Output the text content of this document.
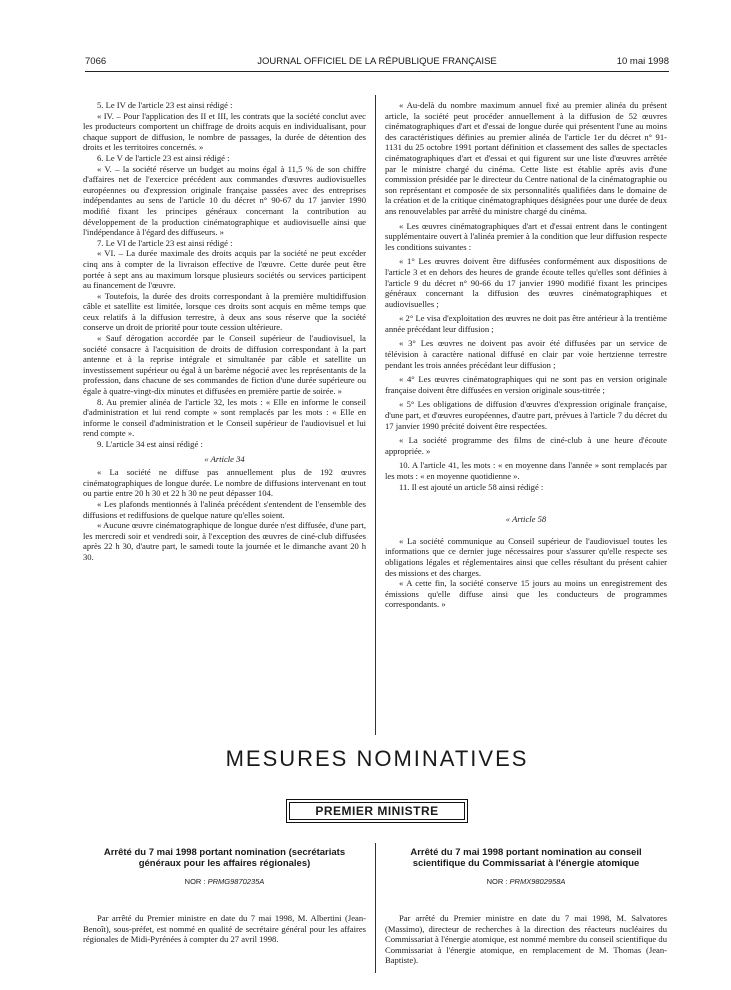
7066	JOURNAL OFFICIEL DE LA RÉPUBLIQUE FRANÇAISE	10 mai 1998

5. Le IV de l'article 23 est ainsi rédigé :

« IV. – Pour l'application des II et III, les contrats que la société conclut avec les producteurs comportent un chiffrage de droits acquis en individualisant, pour chaque support de diffusion, le nombre de passages, la durée de détention des droits et les territoires concernés. »

6. Le V de l'article 23 est ainsi rédigé :

« V. – la société réserve un budget au moins égal à 11,5 % de son chiffre d'affaires net de l'exercice précédent aux commandes d'œuvres audiovisuelles européennes ou d'expression originale française passées avec des entreprises indépendantes au sens de l'article 10 du décret n° 90-67 du 17 janvier 1990 modifié fixant les principes généraux concernant la contribution au développement de la production cinématographique et audiovisuelle ainsi que l'indépendance à l'égard des diffuseurs. »

7. Le VI de l'article 23 est ainsi rédigé :

« VI. – La durée maximale des droits acquis par la société ne peut excéder cinq ans à compter de la livraison effective de l'œuvre. Cette durée peut être portée à sept ans au maximum lorsque plusieurs sociétés ou services participent au financement de l'œuvre.

« Toutefois, la durée des droits correspondant à la première multidiffusion câble et satellite est limitée, lorsque ces droits sont acquis en même temps que ceux relatifs à la diffusion terrestre, à deux ans sous réserve que la société conserve un droit de priorité pour toute cession ultérieure.

« Sauf dérogation accordée par le Conseil supérieur de l'audiovisuel, la société consacre à l'acquisition de droits de diffusion correspondant à la part antenne et à la reprise intégrale et simultanée par câble et satellite un investissement supérieur ou égal à un barème négocié avec les représentants de la profession, dans chacune de ses commandes de fiction d'une durée supérieure ou égale à quatre-vingt-dix minutes et diffusées en première partie de soirée. »

8. Au premier alinéa de l'article 32, les mots : « Elle en informe le conseil d'administration et lui rend compte » sont remplacés par les mots : « Elle en informe le conseil d'administration et le Conseil supérieur de l'audiovisuel et lui rend compte ».

9. L'article 34 est ainsi rédigé :

« Article 34

« La société ne diffuse pas annuellement plus de 192 œuvres cinématographiques de longue durée. Le nombre de diffusions intervenant en tout ou partie entre 20 h 30 et 22 h 30 ne peut dépasser 104.

« Les plafonds mentionnés à l'alinéa précédent s'entendent de l'ensemble des diffusions et rediffusions de quelque nature qu'elles soient.

« Aucune œuvre cinématographique de longue durée n'est diffusée, d'une part, les mercredi soir et vendredi soir, à l'exception des œuvres de ciné-club diffusées après 22 h 30, d'autre part, le samedi toute la journée et le dimanche avant 20 h 30.

« Au-delà du nombre maximum annuel fixé au premier alinéa du présent article, la société peut procéder annuellement à la diffusion de 52 œuvres cinématographiques d'art et d'essai de longue durée qui présentent l'une au moins des caractéristiques définies au premier alinéa de l'article 1er du décret n° 91-1131 du 25 octobre 1991 portant définition et classement des salles de spectacles cinématographiques d'art et d'essai et qui figurent sur une liste d'œuvres arrêtée par le ministre chargé du cinéma. Cette liste est établie après avis d'une commission présidée par le directeur du Centre national de la cinématographie ou son représentant et composée de six personnalités qualifiées dans le domaine de la création et de la critique cinématographiques désignées pour une durée de deux ans renouvelables par arrêté du ministre chargé du cinéma.

« Les œuvres cinématographiques d'art et d'essai entrent dans le contingent supplémentaire ouvert à l'alinéa premier à la condition que leur diffusion respecte les conditions suivantes :

« 1° Les œuvres doivent être diffusées conformément aux dispositions de l'article 3 et en dehors des heures de grande écoute telles qu'elles sont définies à l'article 9 du décret n° 90-66 du 17 janvier 1990 modifié fixant les principes généraux concernant la diffusion des œuvres cinématographiques et audiovisuelles ;

« 2° Le visa d'exploitation des œuvres ne doit pas être antérieur à la trentième année précédant leur diffusion ;

« 3° Les œuvres ne doivent pas avoir été diffusées par un service de télévision à caractère national diffusé en clair par voie hertzienne terrestre pendant les trois années précédant leur diffusion ;

« 4° Les œuvres cinématographiques qui ne sont pas en version originale française doivent être diffusées en version originale sous-titrée ;

« 5° Les obligations de diffusion d'œuvres d'expression originale française, d'une part, et d'œuvres européennes, d'autre part, prévues à l'article 7 du décret du 17 janvier 1990 précité doivent être respectées.

« La société programme des films de ciné-club à une heure d'écoute appropriée. »

10. A l'article 41, les mots : « en moyenne dans l'année » sont remplacés par les mots : « en moyenne quotidienne ».

11. Il est ajouté un article 58 ainsi rédigé :

« Article 58

« La société communique au Conseil supérieur de l'audiovisuel toutes les informations que ce dernier juge nécessaires pour s'assurer qu'elle respecte ses obligations légales et réglementaires ainsi que celles résultant du présent cahier des missions et des charges.

« A cette fin, la société conserve 15 jours au moins un enregistrement des émissions qu'elle diffuse ainsi que les conducteurs de programmes correspondants. »

MESURES NOMINATIVES
PREMIER MINISTRE
Arrêté du 7 mai 1998 portant nomination (secrétariats généraux pour les affaires régionales)

NOR : PRMG9870235A

Par arrêté du Premier ministre en date du 7 mai 1998, M. Albertini (Jean-Benoît), sous-préfet, est nommé en qualité de secrétaire général pour les affaires régionales de Midi-Pyrénées à compter du 27 avril 1998.

Arrêté du 7 mai 1998 portant nomination au conseil scientifique du Commissariat à l'énergie atomique

NOR : PRMX9802958A

Par arrêté du Premier ministre en date du 7 mai 1998, M. Salvatores (Massimo), directeur de recherches à la direction des réacteurs nucléaires du Commissariat à l'énergie atomique, est nommé membre du conseil scientifique du Commissariat à l'énergie atomique, en remplacement de M. Thomas (Jean-Baptiste).
